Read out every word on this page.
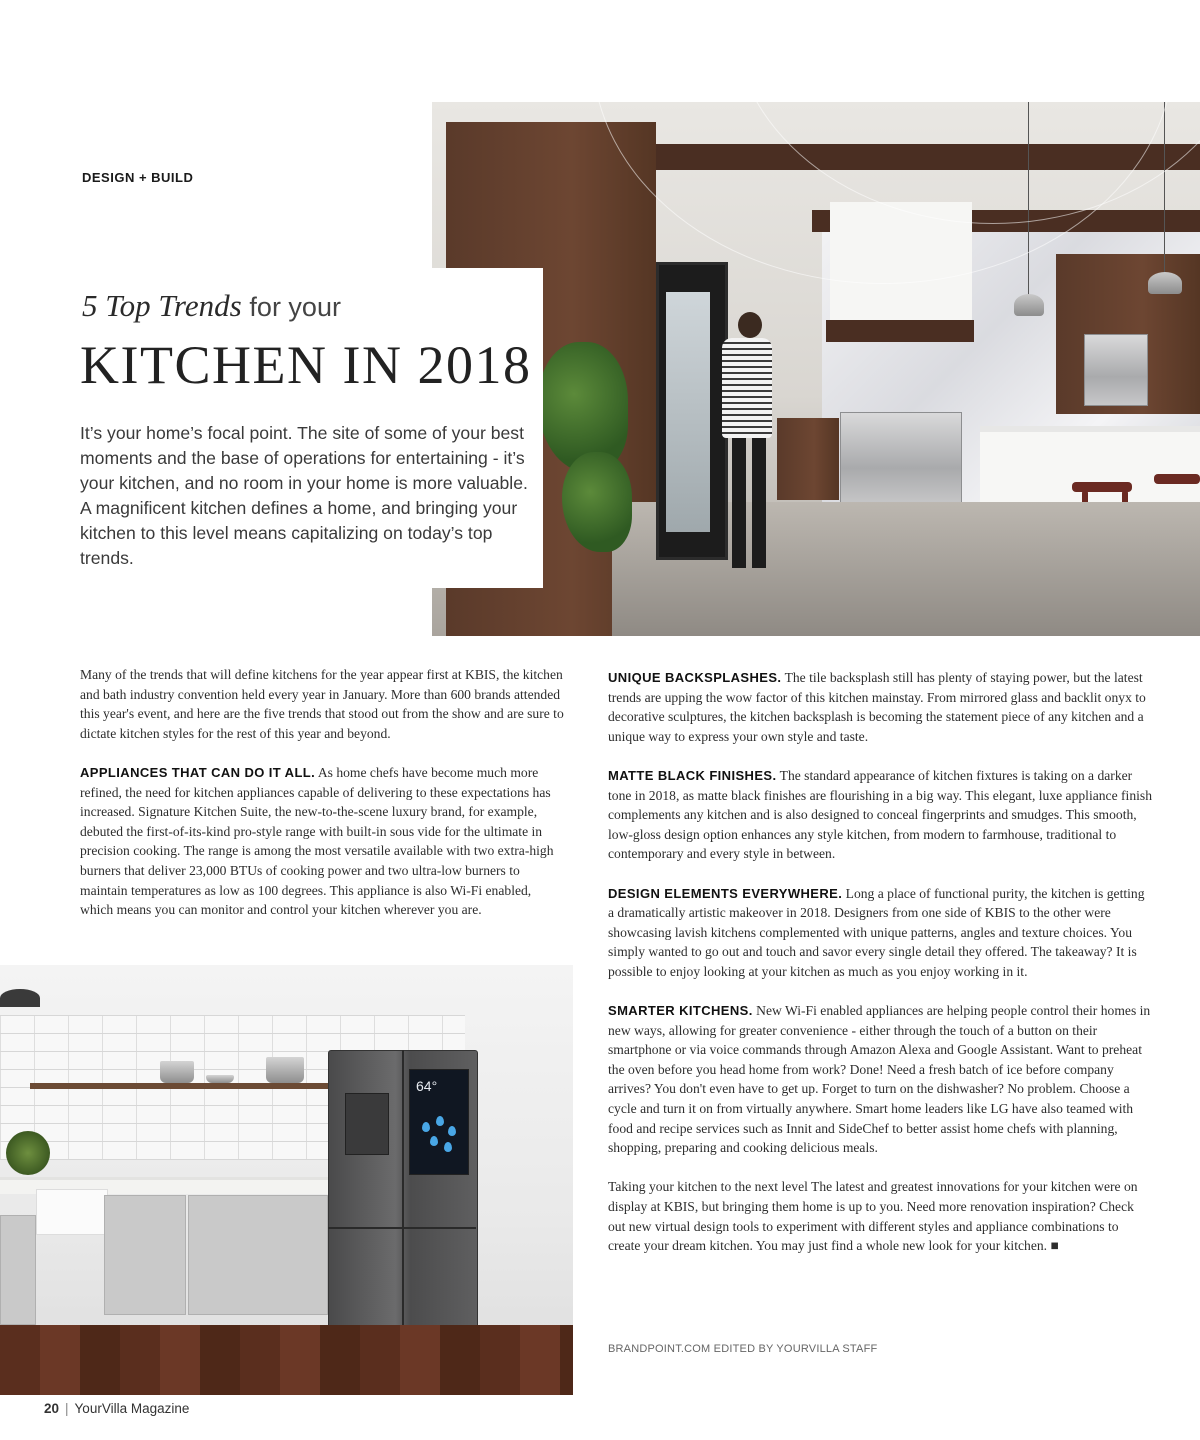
DESIGN + BUILD
5 Top Trends for your
KITCHEN IN 2018
It’s your home’s focal point. The site of some of your best moments and the base of operations for entertaining - it’s your kitchen, and no room in your home is more valuable. A magnificent kitchen defines a home, and bringing your kitchen to this level means capitalizing on today’s top trends.

Many of the trends that will define kitchens for the year appear first at KBIS, the kitchen and bath industry convention held every year in January. More than 600 brands attended this year's event, and here are the five trends that stood out from the show and are sure to dictate kitchen styles for the rest of this year and beyond.

APPLIANCES THAT CAN DO IT ALL. As home chefs have become much more refined, the need for kitchen appliances capable of delivering to these expectations has increased. Signature Kitchen Suite, the new-to-the-scene luxury brand, for example, debuted the first-of-its-kind pro-style range with built-in sous vide for the ultimate in precision cooking. The range is among the most versatile available with two extra-high burners that deliver 23,000 BTUs of cooking power and two ultra-low burners to maintain temperatures as low as 100 degrees. This appliance is also Wi-Fi enabled, which means you can monitor and control your kitchen wherever you are.

64°

UNIQUE BACKSPLASHES. The tile backsplash still has plenty of staying power, but the latest trends are upping the wow factor of this kitchen mainstay. From mirrored glass and backlit onyx to decorative sculptures, the kitchen backsplash is becoming the statement piece of any kitchen and a unique way to express your own style and taste.

MATTE BLACK FINISHES. The standard appearance of kitchen fixtures is taking on a darker tone in 2018, as matte black finishes are flourishing in a big way. This elegant, luxe appliance finish complements any kitchen and is also designed to conceal fingerprints and smudges. This smooth, low-gloss design option enhances any style kitchen, from modern to farmhouse, traditional to contemporary and every style in between.

DESIGN ELEMENTS EVERYWHERE. Long a place of functional purity, the kitchen is getting a dramatically artistic makeover in 2018. Designers from one side of KBIS to the other were showcasing lavish kitchens complemented with unique patterns, angles and texture choices. You simply wanted to go out and touch and savor every single detail they offered. The takeaway? It is possible to enjoy looking at your kitchen as much as you enjoy working in it.

SMARTER KITCHENS. New Wi-Fi enabled appliances are helping people control their homes in new ways, allowing for greater convenience - either through the touch of a button on their smartphone or via voice commands through Amazon Alexa and Google Assistant. Want to preheat the oven before you head home from work? Done! Need a fresh batch of ice before company arrives? You don't even have to get up. Forget to turn on the dishwasher? No problem. Choose a cycle and turn it on from virtually anywhere. Smart home leaders like LG have also teamed with food and recipe services such as Innit and SideChef to better assist home chefs with planning, shopping, preparing and cooking delicious meals.

Taking your kitchen to the next level The latest and greatest innovations for your kitchen were on display at KBIS, but bringing them home is up to you. Need more renovation inspiration? Check out new virtual design tools to experiment with different styles and appliance combinations to create your dream kitchen. You may just find a whole new look for your kitchen. ■

BRANDPOINT.COM EDITED BY YOURVILLA STAFF
20 | YourVilla Magazine
